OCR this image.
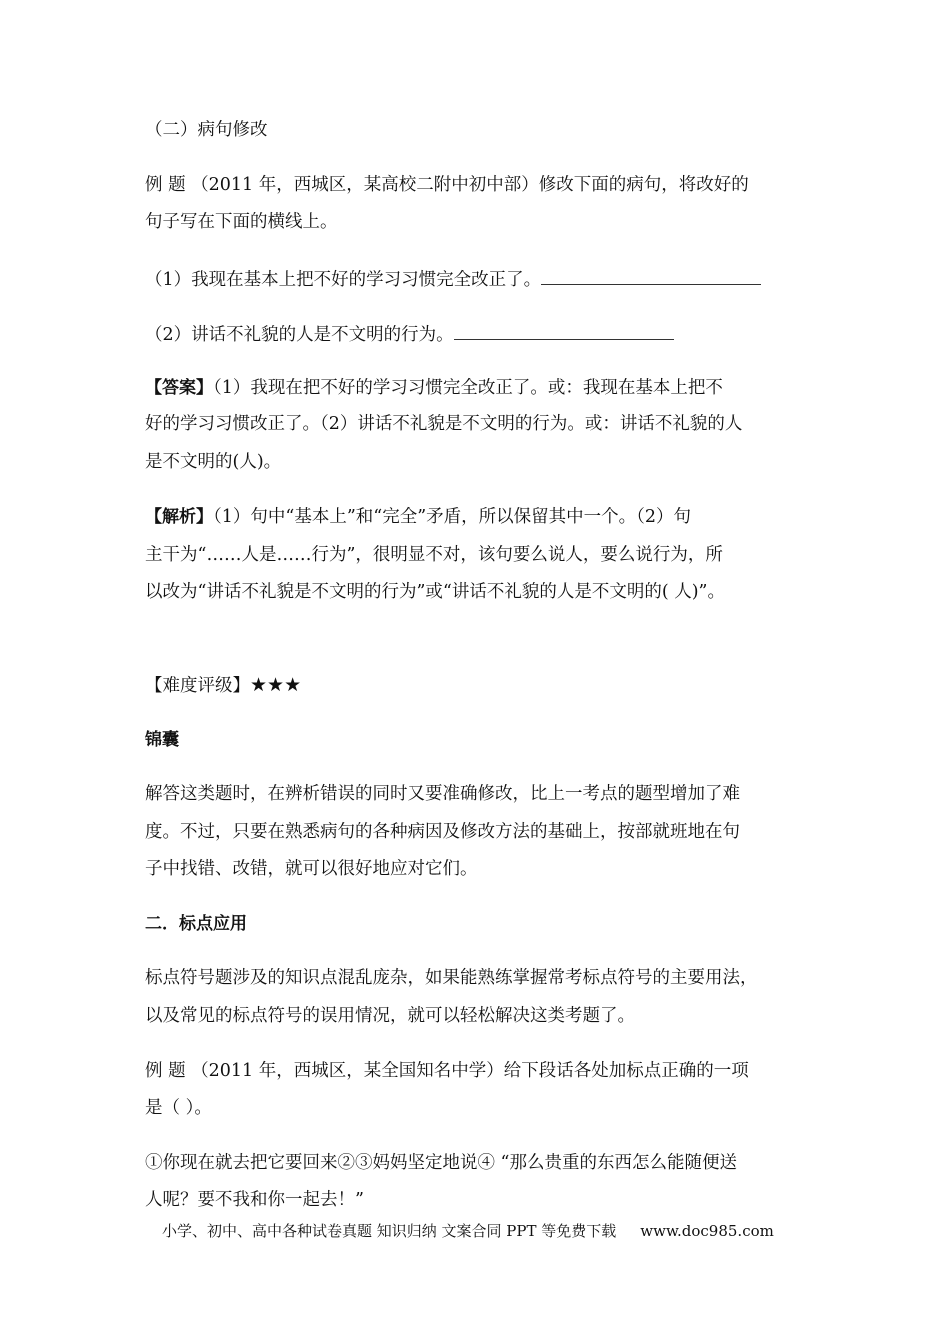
（二）病句修改
例 题 （2011 年，西城区，某高校二附中初中部）修改下面的病句，将改好的
句子写在下面的横线上。
（1）我现在基本上把不好的学习习惯完全改正了。
（2）讲话不礼貌的人是不文明的行为。
【答案】（1）我现在把不好的学习习惯完全改正了。或：我现在基本上把不
好的学习习惯改正了。（2）讲话不礼貌是不文明的行为。或：讲话不礼貌的人
是不文明的(人)。
【解析】（1）句中“基本上”和“完全”矛盾，所以保留其中一个。（2）句
主干为“……人是……行为”，很明显不对，该句要么说人，要么说行为，所
以改为“讲话不礼貌是不文明的行为”或“讲话不礼貌的人是不文明的( 人)”。
【难度评级】★★★
锦囊
解答这类题时，在辨析错误的同时又要准确修改，比上一考点的题型增加了难
度。不过，只要在熟悉病句的各种病因及修改方法的基础上，按部就班地在句
子中找错、改错，就可以很好地应对它们。
二．标点应用
标点符号题涉及的知识点混乱庞杂，如果能熟练掌握常考标点符号的主要用法，
以及常见的标点符号的误用情况，就可以轻松解决这类考题了。
例 题 （2011 年，西城区，某全国知名中学）给下段话各处加标点正确的一项
是（ ）。
①你现在就去把它要回来②③妈妈坚定地说④ “那么贵重的东西怎么能随便送
人呢？要不我和你一起去！”
小学、初中、高中各种试卷真题 知识归纳 文案合同 PPT 等免费下载 www.doc985.com
